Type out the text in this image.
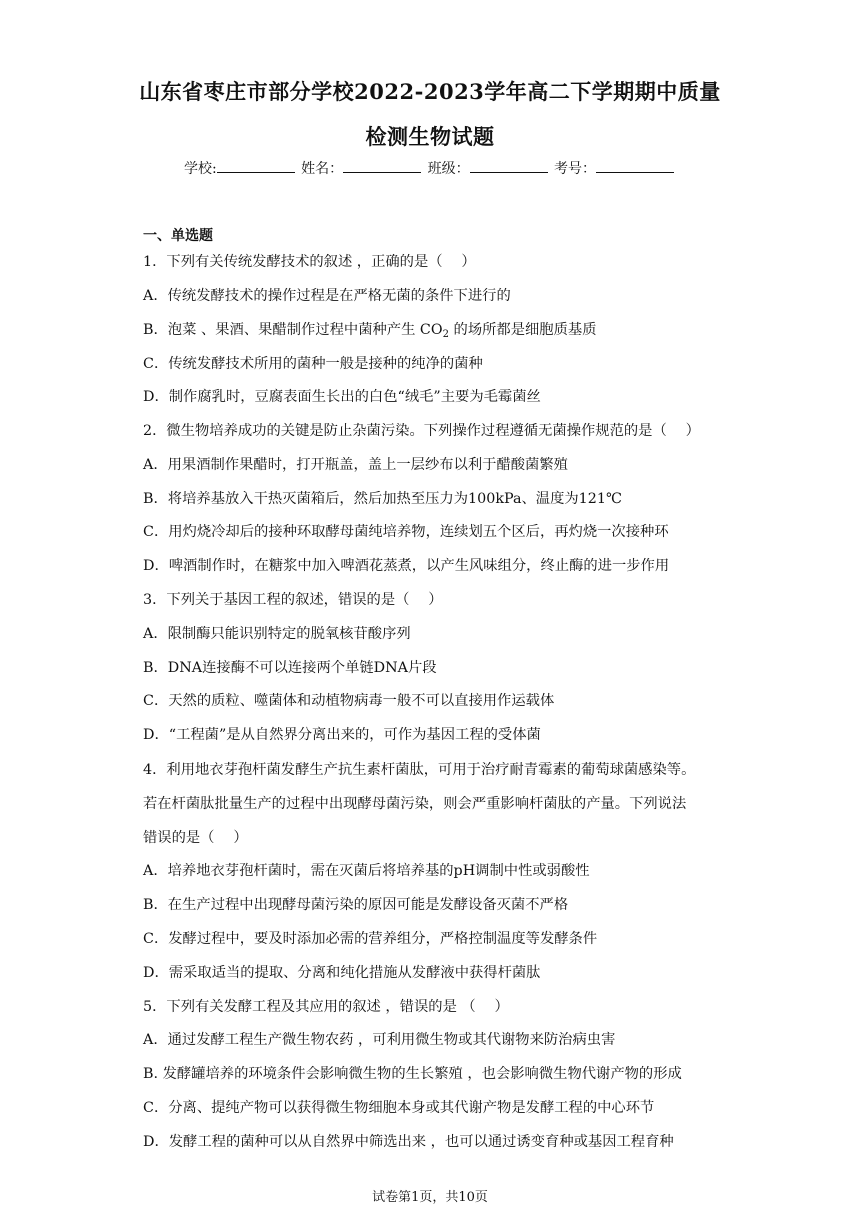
山东省枣庄市部分学校2022-2023学年高二下学期期中质量
检测生物试题
学校:	姓名：	班级：	考号：
一、单选题
1．下列有关传统发酵技术的叙述 ，正确的是（　 ）
A．传统发酵技术的操作过程是在严格无菌的条件下进行的
B．泡菜 、果酒、果醋制作过程中菌种产生 $CO_2$ 的场所都是细胞质基质
C．传统发酵技术所用的菌种一般是接种的纯净的菌种
D．制作腐乳时，豆腐表面生长出的白色“绒毛”主要为毛霉菌丝
2．微生物培养成功的关键是防止杂菌污染。下列操作过程遵循无菌操作规范的是（　 ）
A．用果酒制作果醋时，打开瓶盖，盖上一层纱布以利于醋酸菌繁殖
B．将培养基放入干热灭菌箱后，然后加热至压力为100kPa、温度为121℃
C．用灼烧冷却后的接种环取酵母菌纯培养物，连续划五个区后，再灼烧一次接种环
D．啤酒制作时，在糖浆中加入啤酒花蒸煮，以产生风味组分，终止酶的进一步作用
3．下列关于基因工程的叙述，错误的是（　 ）
A．限制酶只能识别特定的脱氧核苷酸序列
B．DNA连接酶不可以连接两个单链DNA片段
C．天然的质粒、噬菌体和动植物病毒一般不可以直接用作运载体
D．“工程菌”是从自然界分离出来的，可作为基因工程的受体菌
4．利用地衣芽孢杆菌发酵生产抗生素杆菌肽，可用于治疗耐青霉素的葡萄球菌感染等。
若在杆菌肽批量生产的过程中出现酵母菌污染，则会严重影响杆菌肽的产量。下列说法
错误的是（　 ）
A．培养地衣芽孢杆菌时，需在灭菌后将培养基的pH调制中性或弱酸性
B．在生产过程中出现酵母菌污染的原因可能是发酵设备灭菌不严格
C．发酵过程中，要及时添加必需的营养组分，严格控制温度等发酵条件
D．需采取适当的提取、分离和纯化措施从发酵液中获得杆菌肽
5．下列有关发酵工程及其应用的叙述 ，错误的是 （　 ）
A．通过发酵工程生产微生物农药 ，可利用微生物或其代谢物来防治病虫害
B. 发酵罐培养的环境条件会影响微生物的生长繁殖 ，也会影响微生物代谢产物的形成
C．分离、提纯产物可以获得微生物细胞本身或其代谢产物是发酵工程的中心环节
D．发酵工程的菌种可以从自然界中筛选出来 ，也可以通过诱变育种或基因工程育种
试卷第1页，共10页
